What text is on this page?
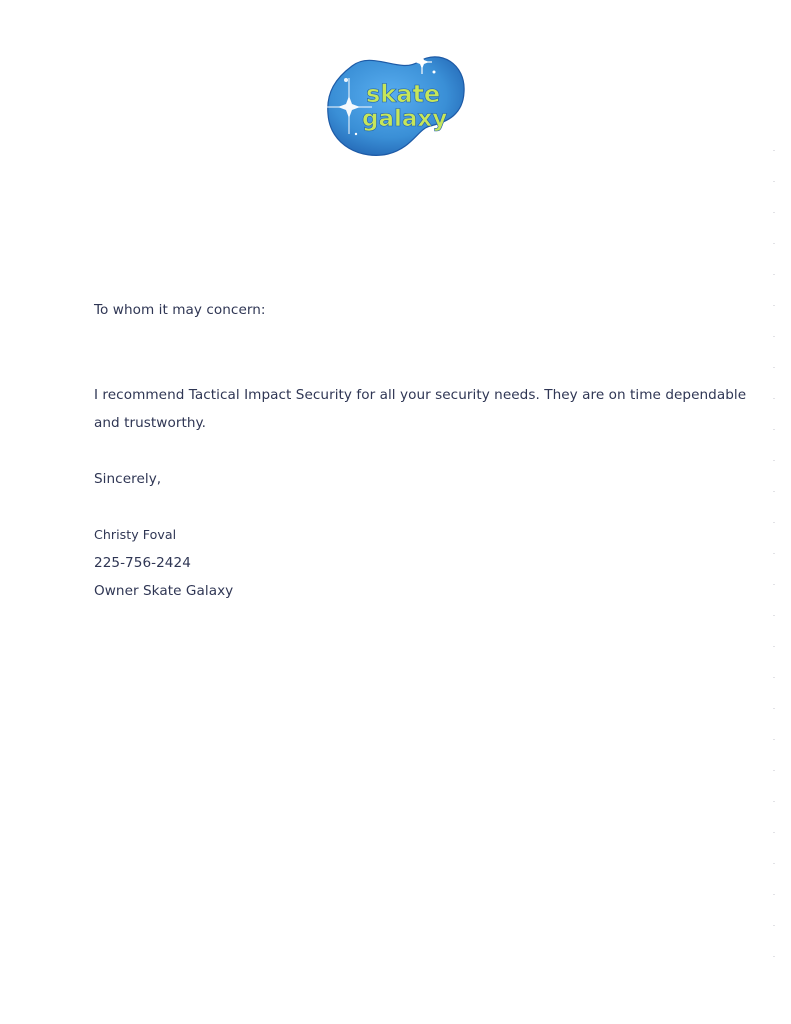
skate
galaxy
To whom it may concern:
I recommend Tactical Impact Security for all your security needs. They are on time dependable
and trustworthy.
Sincerely,
Christy Foval
225-756-2424
Owner Skate Galaxy
